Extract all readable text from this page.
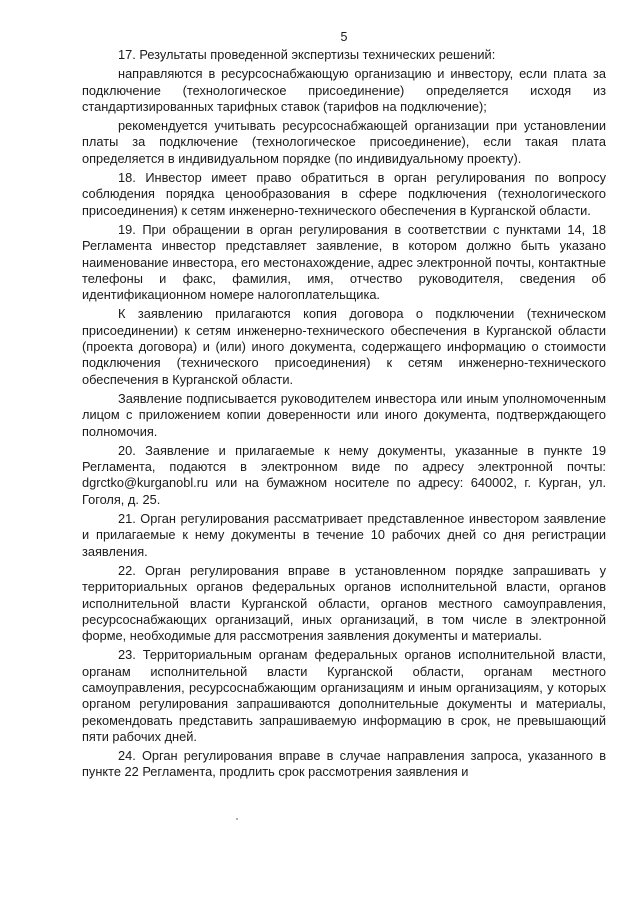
5

17. Результаты проведенной экспертизы технических решений:

направляются в ресурсоснабжающую организацию и инвестору, если плата за подключение (технологическое присоединение) определяется исходя из стандартизированных тарифных ставок (тарифов на подключение);

рекомендуется учитывать ресурсоснабжающей организации при установлении платы за подключение (технологическое присоединение), если такая плата определяется в индивидуальном порядке (по индивидуальному проекту).

18. Инвестор имеет право обратиться в орган регулирования по вопросу соблюдения порядка ценообразования в сфере подключения (технологического присоединения) к сетям инженерно-технического обеспечения в Курганской области.

19. При обращении в орган регулирования в соответствии с пунктами 14, 18 Регламента инвестор представляет заявление, в котором должно быть указано наименование инвестора, его местонахождение, адрес электронной почты, контактные телефоны и факс, фамилия, имя, отчество руководителя, сведения об идентификационном номере налогоплательщика.

К заявлению прилагаются копия договора о подключении (техническом присоединении) к сетям инженерно-технического обеспечения в Курганской области (проекта договора) и (или) иного документа, содержащего информацию о стоимости подключения (технического присоединения) к сетям инженерно-технического обеспечения в Курганской области.

Заявление подписывается руководителем инвестора или иным уполномоченным лицом с приложением копии доверенности или иного документа, подтверждающего полномочия.

20. Заявление и прилагаемые к нему документы, указанные в пункте 19 Регламента, подаются в электронном виде по адресу электронной почты: dgrctko@kurganobl.ru или на бумажном носителе по адресу: 640002, г. Курган, ул. Гоголя, д. 25.

21. Орган регулирования рассматривает представленное инвестором заявление и прилагаемые к нему документы в течение 10 рабочих дней со дня регистрации заявления.

22. Орган регулирования вправе в установленном порядке запрашивать у территориальных органов федеральных органов исполнительной власти, органов исполнительной власти Курганской области, органов местного самоуправления, ресурсоснабжающих организаций, иных организаций, в том числе в электронной форме, необходимые для рассмотрения заявления документы и материалы.

23. Территориальным органам федеральных органов исполнительной власти, органам исполнительной власти Курганской области, органам местного самоуправления, ресурсоснабжающим организациям и иным организациям, у которых органом регулирования запрашиваются дополнительные документы и материалы, рекомендовать представить запрашиваемую информацию в срок, не превышающий пяти рабочих дней.

24. Орган регулирования вправе в случае направления запроса, указанного в пункте 22 Регламента, продлить срок рассмотрения заявления и
